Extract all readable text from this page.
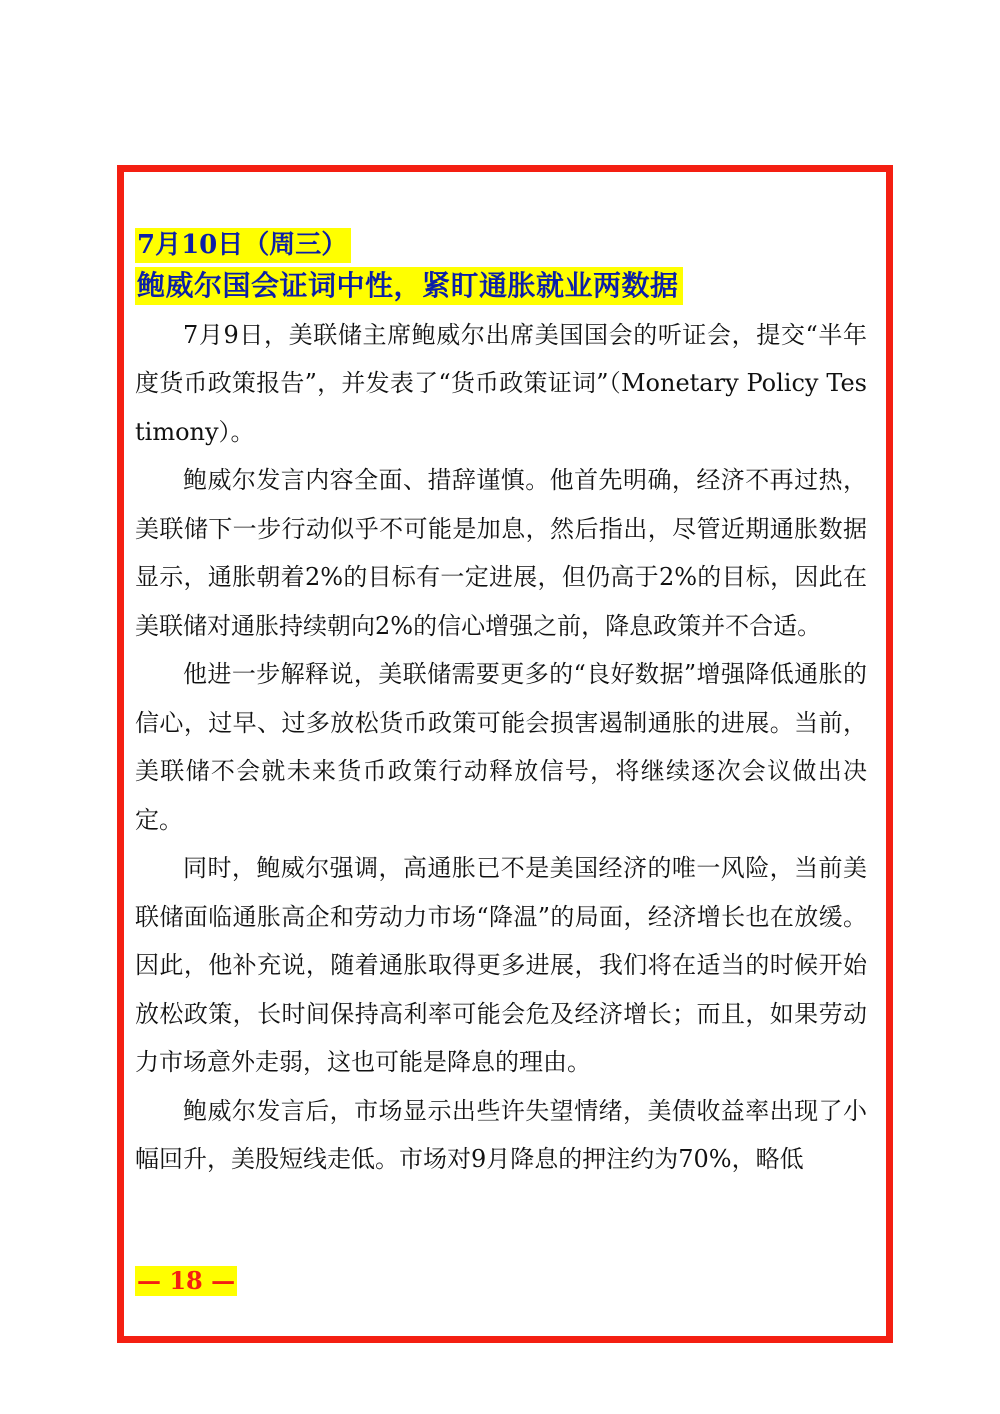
7月10日（周三）
鲍威尔国会证词中性，紧盯通胀就业两数据

7月9日，美联储主席鲍威尔出席美国国会的听证会，提交“半年度货币政策报告”，并发表了“货币政策证词”（Monetary Policy Testimony）。

鲍威尔发言内容全面、措辞谨慎。他首先明确，经济不再过热，美联储下一步行动似乎不可能是加息，然后指出，尽管近期通胀数据显示，通胀朝着2%的目标有一定进展，但仍高于2%的目标，因此在美联储对通胀持续朝向2%的信心增强之前，降息政策并不合适。

他进一步解释说，美联储需要更多的“良好数据”增强降低通胀的信心，过早、过多放松货币政策可能会损害遏制通胀的进展。当前，美联储不会就未来货币政策行动释放信号，将继续逐次会议做出决定。

同时，鲍威尔强调，高通胀已不是美国经济的唯一风险，当前美联储面临通胀高企和劳动力市场“降温”的局面，经济增长也在放缓。因此，他补充说，随着通胀取得更多进展，我们将在适当的时候开始放松政策，长时间保持高利率可能会危及经济增长；而且，如果劳动力市场意外走弱，这也可能是降息的理由。

鲍威尔发言后，市场显示出些许失望情绪，美债收益率出现了小幅回升，美股短线走低。市场对9月降息的押注约为70%，略低

— 18 —
